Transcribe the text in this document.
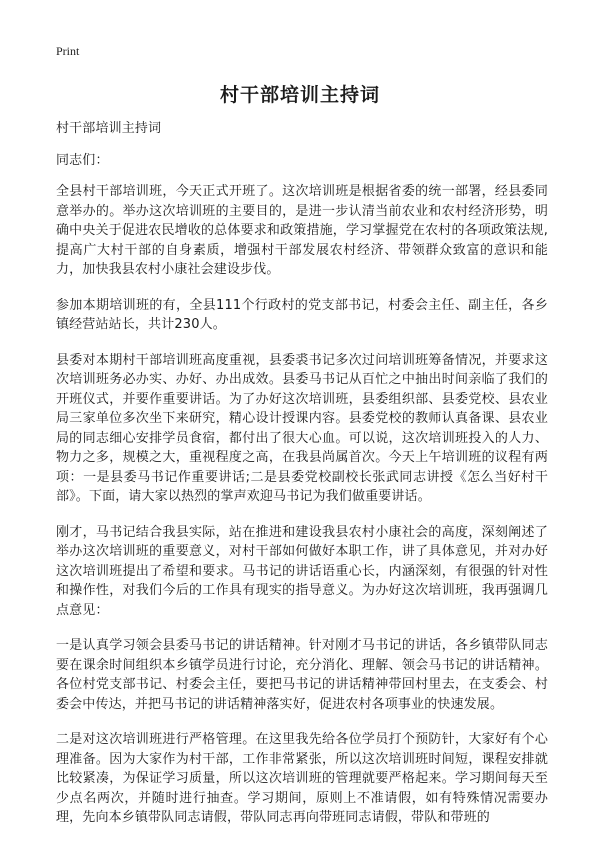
Print
村干部培训主持词

村干部培训主持词

同志们：

全县村干部培训班，今天正式开班了。这次培训班是根据省委的统一部署，经县委同意举办的。举办这次培训班的主要目的，是进一步认清当前农业和农村经济形势，明确中央关于促进农民增收的总体要求和政策措施，学习掌握党在农村的各项政策法规,提高广大村干部的自身素质，增强村干部发展农村经济、带领群众致富的意识和能力，加快我县农村小康社会建设步伐。

参加本期培训班的有，全县111个行政村的党支部书记，村委会主任、副主任，各乡镇经营站站长，共计230人。

县委对本期村干部培训班高度重视，县委裘书记多次过问培训班筹备情况，并要求这次培训班务必办实、办好、办出成效。县委马书记从百忙之中抽出时间亲临了我们的开班仪式，并要作重要讲话。为了办好这次培训班，县委组织部、县委党校、县农业局三家单位多次坐下来研究，精心设计授课内容。县委党校的教师认真备课、县农业局的同志细心安排学员食宿，都付出了很大心血。可以说，这次培训班投入的人力、物力之多，规模之大，重视程度之高，在我县尚属首次。今天上午培训班的议程有两项：一是县委马书记作重要讲话;二是县委党校副校长张武同志讲授《怎么当好村干部》。下面，请大家以热烈的掌声欢迎马书记为我们做重要讲话。

刚才，马书记结合我县实际，站在推进和建设我县农村小康社会的高度，深刻阐述了举办这次培训班的重要意义，对村干部如何做好本职工作，讲了具体意见，并对办好这次培训班提出了希望和要求。马书记的讲话语重心长，内涵深刻，有很强的针对性和操作性，对我们今后的工作具有现实的指导意义。为办好这次培训班，我再强调几点意见：

一是认真学习领会县委马书记的讲话精神。针对刚才马书记的讲话，各乡镇带队同志要在课余时间组织本乡镇学员进行讨论，充分消化、理解、领会马书记的讲话精神。各位村党支部书记、村委会主任，要把马书记的讲话精神带回村里去，在支委会、村委会中传达，并把马书记的讲话精神落实好，促进农村各项事业的快速发展。

二是对这次培训班进行严格管理。在这里我先给各位学员打个预防针，大家好有个心理准备。因为大家作为村干部，工作非常紧张，所以这次培训班时间短，课程安排就比较紧凑，为保证学习质量，所以这次培训班的管理就要严格起来。学习期间每天至少点名两次，并随时进行抽查。学习期间，原则上不准请假，如有特殊情况需要办理，先向本乡镇带队同志请假，带队同志再向带班同志请假，带队和带班的
